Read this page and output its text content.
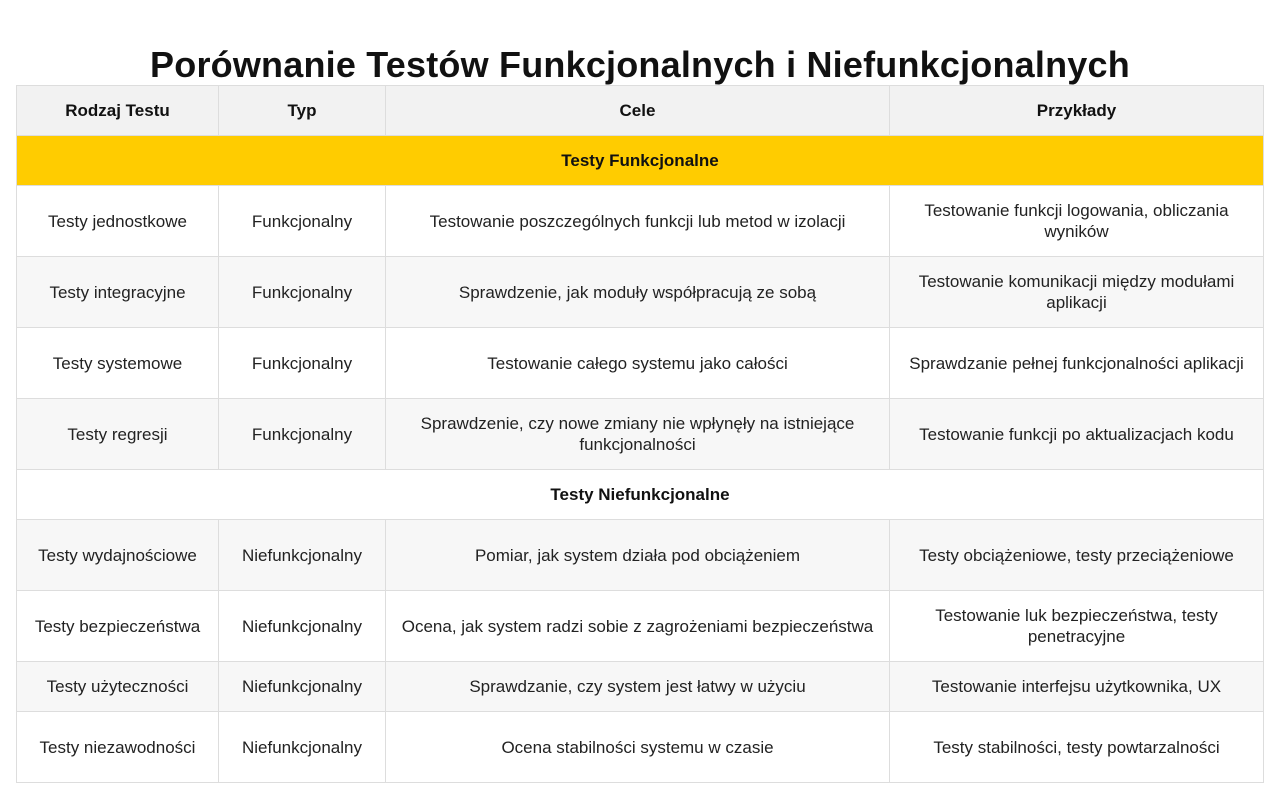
Porównanie Testów Funkcjonalnych i Niefunkcjonalnych
Rodzaj Testu	Typ	Cele	Przykłady
Testy Funkcjonalne			
Testy jednostkowe	Funkcjonalny	Testowanie poszczególnych funkcji lub metod w izolacji	Testowanie funkcji logowania, obliczania wyników
Testy integracyjne	Funkcjonalny	Sprawdzenie, jak moduły współpracują ze sobą	Testowanie komunikacji między modułami aplikacji
Testy systemowe	Funkcjonalny	Testowanie całego systemu jako całości	Sprawdzanie pełnej funkcjonalności aplikacji
Testy regresji	Funkcjonalny	Sprawdzenie, czy nowe zmiany nie wpłynęły na istniejące funkcjonalności	Testowanie funkcji po aktualizacjach kodu
Testy Niefunkcjonalne			
Testy wydajnościowe	Niefunkcjonalny	Pomiar, jak system działa pod obciążeniem	Testy obciążeniowe, testy przeciążeniowe
Testy bezpieczeństwa	Niefunkcjonalny	Ocena, jak system radzi sobie z zagrożeniami bezpieczeństwa	Testowanie luk bezpieczeństwa, testy penetracyjne
Testy użyteczności	Niefunkcjonalny	Sprawdzanie, czy system jest łatwy w użyciu	Testowanie interfejsu użytkownika, UX
Testy niezawodności	Niefunkcjonalny	Ocena stabilności systemu w czasie	Testy stabilności, testy powtarzalności
